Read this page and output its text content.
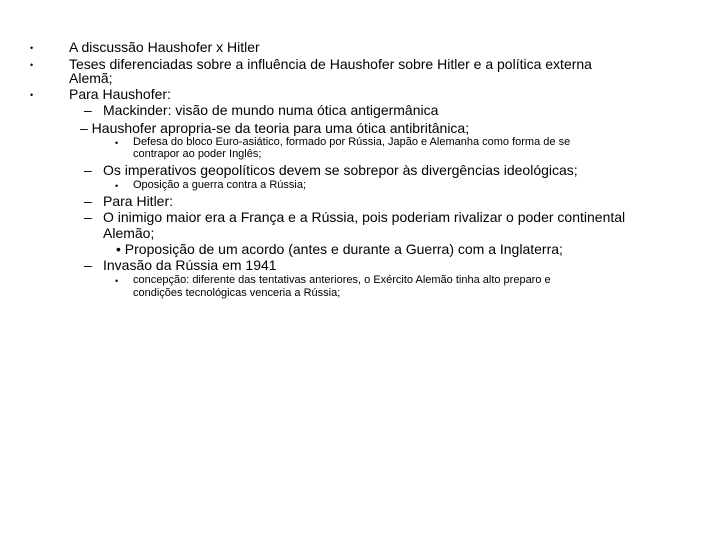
•	A discussão Haushofer x Hitler
•	Teses diferenciadas sobre a influência de Haushofer sobre Hitler e a política externa
Alemã;
•	Para Haushofer:
– Mackinder: visão de mundo numa ótica antigermânica
– Haushofer apropria-se da teoria para uma ótica antibritânica;
• Defesa do bloco Euro-asiático, formado por Rússia, Japão e Alemanha como forma de se
contrapor ao poder Inglês;
– Os imperativos geopolíticos devem se sobrepor às divergências ideológicas;
• Oposição a guerra contra a Rússia;
– Para Hitler:
– O inimigo maior era a França e a Rússia, pois poderiam rivalizar o poder continental
Alemão;
• Proposição de um acordo (antes e durante a Guerra) com a Inglaterra;
– Invasão da Rússia em 1941
• concepção: diferente das tentativas anteriores, o Exército Alemão tinha alto preparo e
condições tecnológicas venceria a Rússia;
